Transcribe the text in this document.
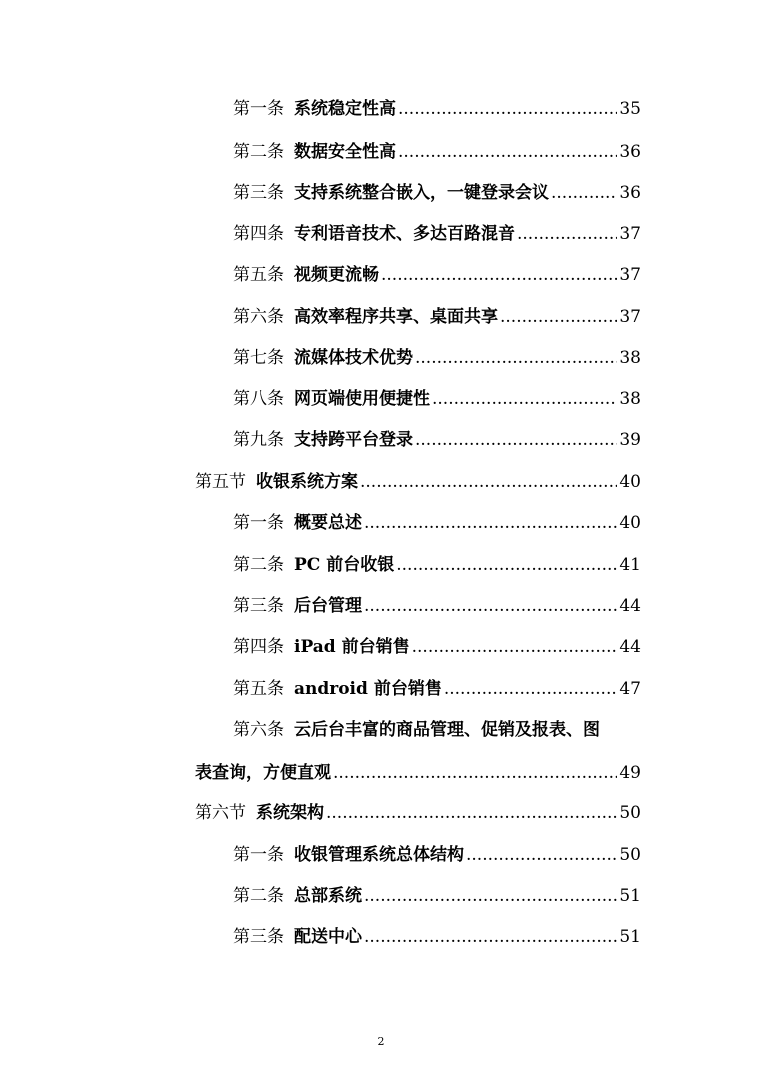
第一条 系统稳定性高 .....	35
第二条 数据安全性高 .....	36
第三条 支持系统整合嵌入，一键登录会议 .....	36
第四条 专利语音技术、多达百路混音 .....	37
第五条 视频更流畅 .....	37
第六条 高效率程序共享、桌面共享 .....	37
第七条 流媒体技术优势 .....	38
第八条 网页端使用便捷性 .....	38
第九条 支持跨平台登录 .....	39
第五节 收银系统方案 .....	40
第一条 概要总述 .....	40
第二条 PC 前台收银 .....	41
第三条 后台管理 .....	44
第四条 iPad 前台销售 .....	44
第五条 android 前台销售 .....	47
第六条 云后台丰富的商品管理、促销及报表、图
表查询，方便直观 .....	49
第六节 系统架构 .....	50
第一条 收银管理系统总体结构 .....	50
第二条 总部系统 .....	51
第三条 配送中心 .....	51
2
